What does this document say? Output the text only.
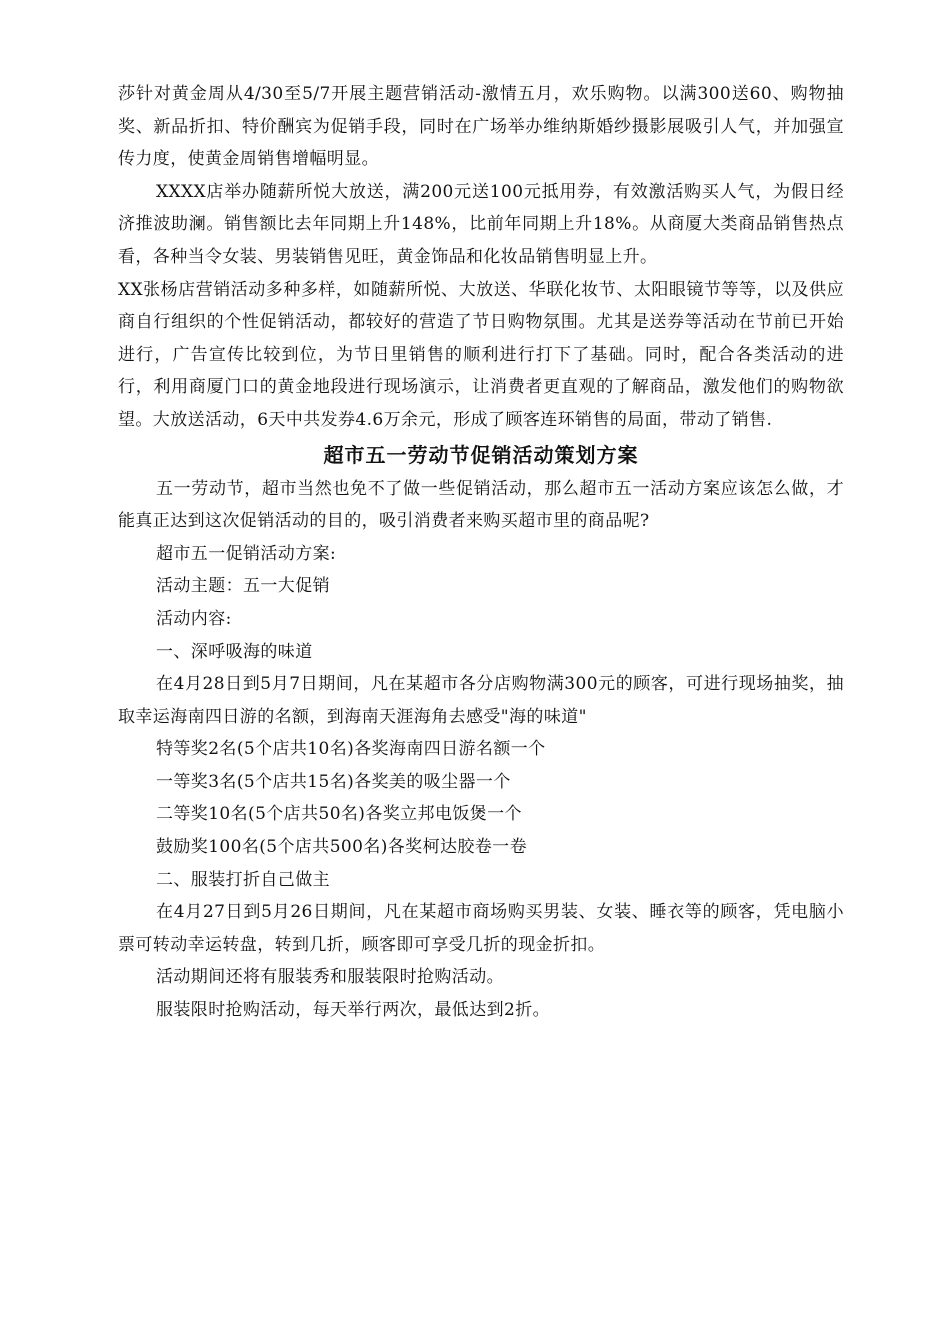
莎针对黄金周从4/30至5/7开展主题营销活动-激情五月，欢乐购物。以满300送60、购物抽奖、新品折扣、特价酬宾为促销手段，同时在广场举办维纳斯婚纱摄影展吸引人气，并加强宣传力度，使黄金周销售增幅明显。

XXXX店举办随薪所悦大放送，满200元送100元抵用券，有效激活购买人气，为假日经济推波助澜。销售额比去年同期上升148%，比前年同期上升18%。从商厦大类商品销售热点看，各种当令女装、男装销售见旺，黄金饰品和化妆品销售明显上升。

XX张杨店营销活动多种多样，如随薪所悦、大放送、华联化妆节、太阳眼镜节等等，以及供应商自行组织的个性促销活动，都较好的营造了节日购物氛围。尤其是送券等活动在节前已开始进行，广告宣传比较到位，为节日里销售的顺利进行打下了基础。同时，配合各类活动的进行，利用商厦门口的黄金地段进行现场演示，让消费者更直观的了解商品，激发他们的购物欲望。大放送活动，6天中共发券4.6万余元，形成了顾客连环销售的局面，带动了销售.

超市五一劳动节促销活动策划方案

五一劳动节，超市当然也免不了做一些促销活动，那么超市五一活动方案应该怎么做，才能真正达到这次促销活动的目的，吸引消费者来购买超市里的商品呢?

超市五一促销活动方案:

活动主题：五一大促销

活动内容:

一、深呼吸海的味道

在4月28日到5月7日期间，凡在某超市各分店购物满300元的顾客，可进行现场抽奖，抽取幸运海南四日游的名额，到海南天涯海角去感受"海的味道"

特等奖2名(5个店共10名)各奖海南四日游名额一个

一等奖3名(5个店共15名)各奖美的吸尘器一个

二等奖10名(5个店共50名)各奖立邦电饭煲一个

鼓励奖100名(5个店共500名)各奖柯达胶卷一卷

二、服装打折自己做主

在4月27日到5月26日期间，凡在某超市商场购买男装、女装、睡衣等的顾客，凭电脑小票可转动幸运转盘，转到几折，顾客即可享受几折的现金折扣。

活动期间还将有服装秀和服装限时抢购活动。

服装限时抢购活动，每天举行两次，最低达到2折。
